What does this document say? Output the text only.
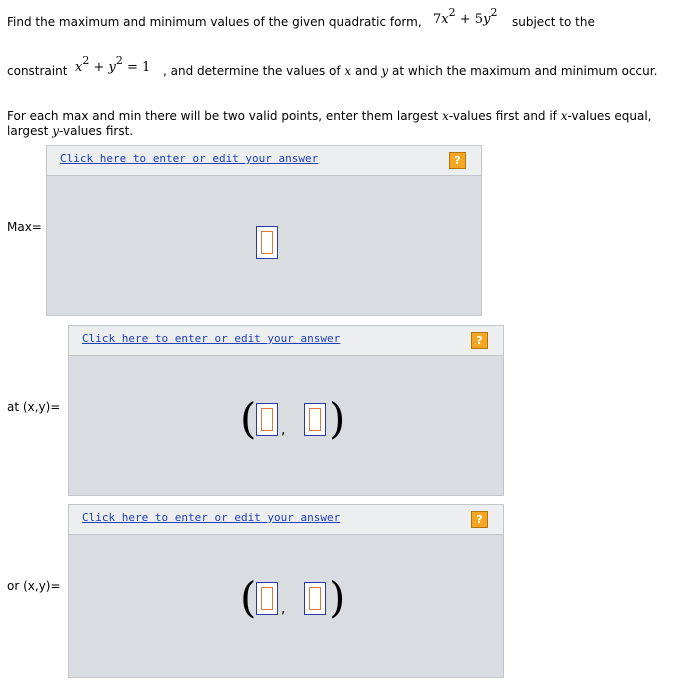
Find the maximum and minimum values of the given quadratic form, $7x^2 + 5y^2$
subject to the
constraint $x^2 + y^2 = 1$ , and determine the values of x and y at which the maximum and minimum occur.
For each max and min there will be two valid points, enter them largest x-values first and if x-values equal,
largest y-values first.
Max=
Click here to enter or edit your answer	?
at (x,y)=
Click here to enter or edit your answer	?
( , )
or (x,y)=
Click here to enter or edit your answer	?
( , )
